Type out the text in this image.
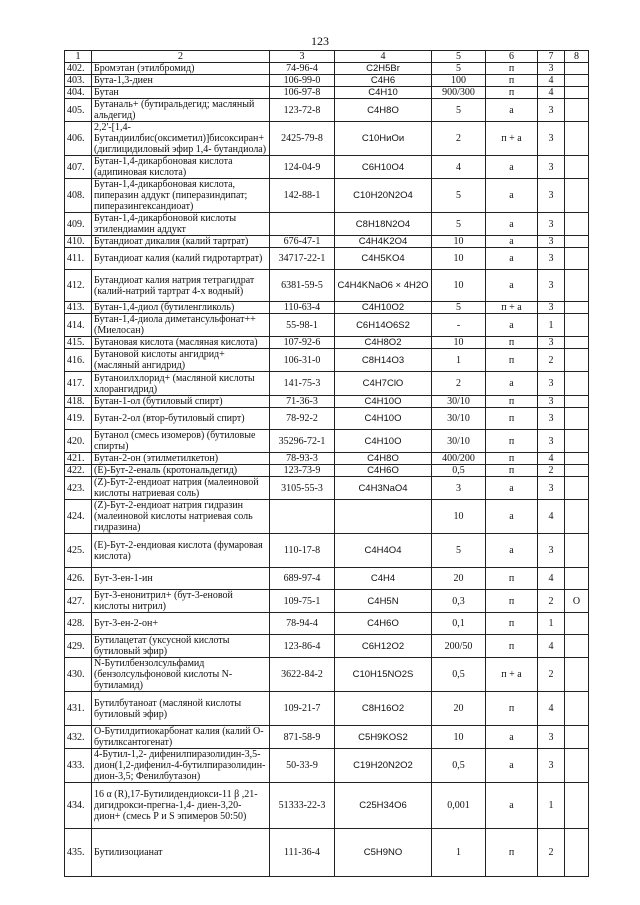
123
1	2	3	4	5	6	7	8
402.	Бромэтан (этилбромид)	74-96-4	C2H5Br	5	п	3	
403.	Бута-1,3-диен	106-99-0	C4H6	100	п	4	
404.	Бутан	106-97-8	C4H10	900/300	п	4	
405.	Бутаналь+ (бутиральдегид; масляный альдегид)	123-72-8	C4H8O	5	а	3	
406.	2,2'-[1,4-Бутандиилбис(оксиметил)]бисоксиран+ (диглицидиловый эфир 1,4- бутандиола)	2425-79-8	C10HиOи	2	п + а	3	
407.	Бутан-1,4-дикарбоновая кислота (адипиновая кислота)	124-04-9	C6H10O4	4	а	3	
408.	Бутан-1,4-дикарбоновая кислота, пиперазин аддукт (пиперазиндипат; пиперазингександиоат)	142-88-1	C10H20N2O4	5	а	3	
409.	Бутан-1,4-дикарбоновой кислоты этилендиамин аддукт		C8H18N2O4	5	а	3	
410.	Бутандиоат дикалия (калий тартрат)	676-47-1	C4H4K2O4	10	а	3	
411.	Бутандиоат калия (калий гидротартрат)	34717-22-1	C4H5KO4	10	а	3	
412.	Бутандиоат калия натрия тетрагидрат (калий-натрий тартрат 4-х водный)	6381-59-5	C4H4KNaO6 × 4H2O	10	а	3	
413.	Бутан-1,4-диол (бутиленгликоль)	110-63-4	C4H10O2	5	п + а	3	
414.	Бутан-1,4-диола диметансульфонат++ (Миелосан)	55-98-1	C6H14O6S2	-	а	1	
415.	Бутановая кислота (масляная кислота)	107-92-6	C4H8O2	10	п	3	
416.	Бутановой кислоты ангидрид+ (масляный ангидрид)	106-31-0	C8H14O3	1	п	2	
417.	Бутаноилхлорид+ (масляной кислоты хлорангидрид)	141-75-3	C4H7ClO	2	а	3	
418.	Бутан-1-ол (бутиловый спирт)	71-36-3	C4H10O	30/10	п	3	
419.	Бутан-2-ол (втор-бутиловый спирт)	78-92-2	C4H10O	30/10	п	3	
420.	Бутанол (смесь изомеров) (бутиловые спирты)	35296-72-1	C4H10O	30/10	п	3	
421.	Бутан-2-он (этилметилкетон)	78-93-3	C4H8O	400/200	п	4	
422.	(Е)-Бут-2-еналь (кротональдегид)	123-73-9	C4H6O	0,5	п	2	
423.	(Z)-Бут-2-ендиоат натрия (малеиновой кислоты натриевая соль)	3105-55-3	C4H3NaO4	3	а	3	
424.	(Z)-Бут-2-ендиоат натрия гидразин (малеиновой кислоты натриевая соль гидразина)			10	а	4	
425.	(Е)-Бут-2-ендиовая кислота (фумаровая кислота)	110-17-8	C4H4O4	5	а	3	
426.	Бут-3-ен-1-ин	689-97-4	C4H4	20	п	4	
427.	Бут-3-енонитрил+ (бут-3-еновой кислоты нитрил)	109-75-1	C4H5N	0,3	п	2	О
428.	Бут-3-ен-2-он+	78-94-4	C4H6O	0,1	п	1	
429.	Бутилацетат (уксусной кислоты бутиловый эфир)	123-86-4	C6H12O2	200/50	п	4	
430.	N-Бутилбензолсульфамид (бензолсульфоновой кислоты N-бутиламид)	3622-84-2	C10H15NO2S	0,5	п + а	2	
431.	Бутилбутаноат (масляной кислоты бутиловый эфир)	109-21-7	C8H16O2	20	п	4	
432.	О-Бутилдитиокарбонат калия (калий О-бутилксантогенат)	871-58-9	C5H9KOS2	10	а	3	
433.	4-Бутил-1,2- дифенилпиразолидин-3,5- дион(1,2-дифенил-4-бутилпиразолидин-дион-3,5; Фенилбутазон)	50-33-9	C19H20N2O2	0,5	а	3	
434.	16 α (R),17-Бутилидендиокси-11 β ,21-дигидрокси-прегна-1,4- диен-3,20-дион+ (смесь Р и S эпимеров 50:50)	51333-22-3	C25H34O6	0,001	а	1	
435.	Бутилизоцианат	111-36-4	C5H9NO	1	п	2	
